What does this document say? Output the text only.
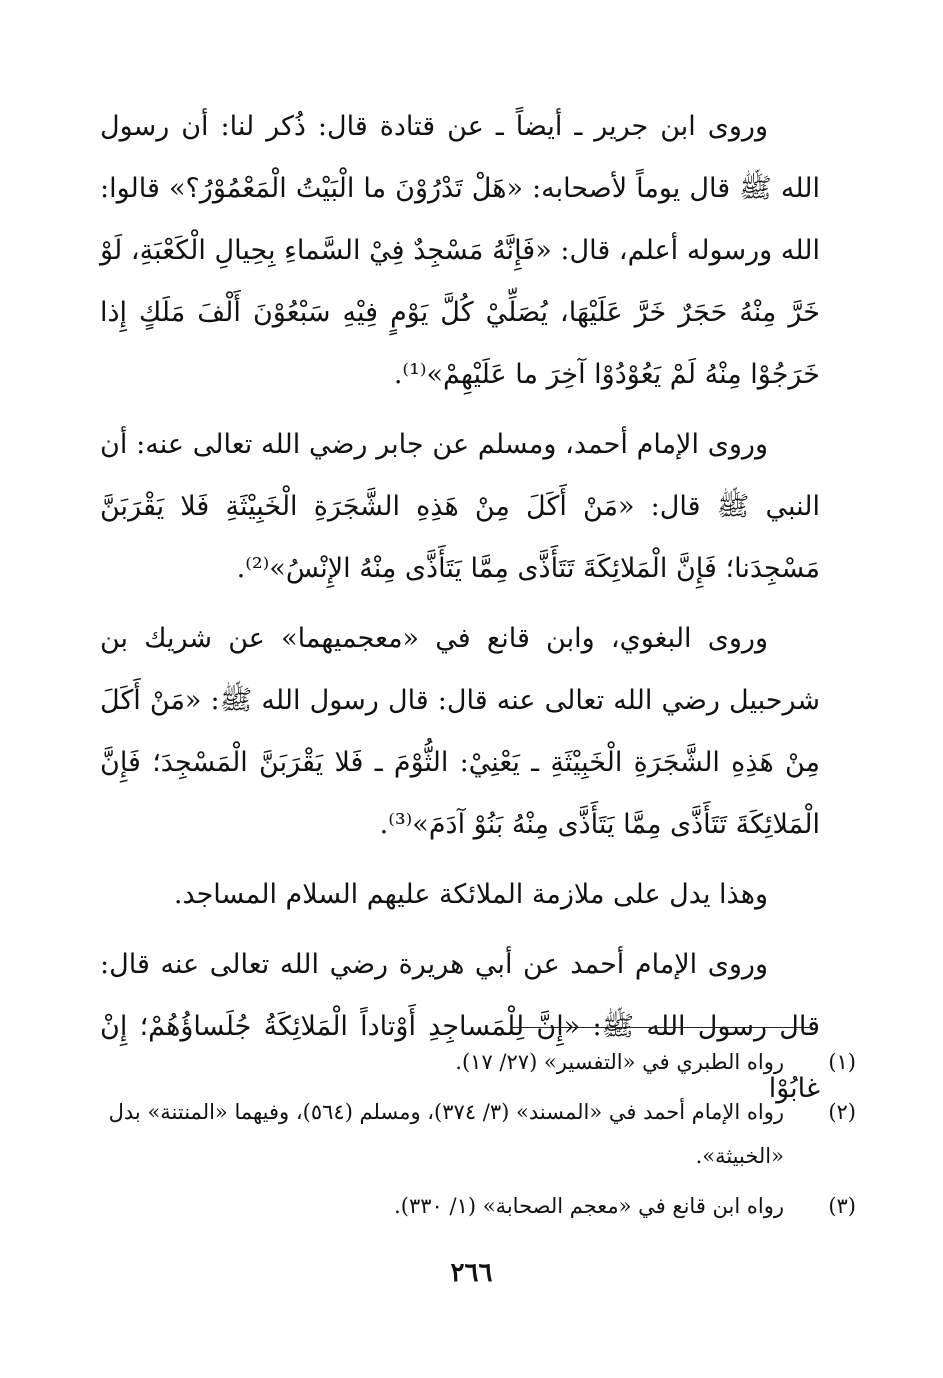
وروى ابن جرير ـ أيضاً ـ عن قتادة قال: ذُكر لنا: أن رسول الله ﷺ قال يوماً لأصحابه: «هَلْ تَدْرُوْنَ ما الْبَيْتُ الْمَعْمُوْرُ؟» قالوا: الله ورسوله أعلم، قال: «فَإِنَّهُ مَسْجِدٌ فِيْ السَّماءِ بِحِيالِ الْكَعْبَةِ، لَوْ خَرَّ مِنْهُ حَجَرٌ خَرَّ عَلَيْهَا، يُصَلِّيْ كُلَّ يَوْمٍ فِيْهِ سَبْعُوْنَ أَلْفَ مَلَكٍ إِذا خَرَجُوْا مِنْهُ لَمْ يَعُوْدُوْا آخِرَ ما عَلَيْهِمْ»⁽¹⁾.

وروى الإمام أحمد، ومسلم عن جابر رضي الله تعالى عنه: أن النبي ﷺ قال: «مَنْ أَكَلَ مِنْ هَذِهِ الشَّجَرَةِ الْخَبِيْثَةِ فَلا يَقْرَبَنَّ مَسْجِدَنا؛ فَإِنَّ الْمَلائِكَةَ تَتَأَذَّى مِمَّا يَتَأَذَّى مِنْهُ الإِنْسُ»⁽²⁾.

وروى البغوي، وابن قانع في «معجميهما» عن شريك بن شرحبيل رضي الله تعالى عنه قال: قال رسول الله ﷺ: «مَنْ أَكَلَ مِنْ هَذِهِ الشَّجَرَةِ الْخَبِيْثَةِ ـ يَعْنِيْ: الثُّوْمَ ـ فَلا يَقْرَبَنَّ الْمَسْجِدَ؛ فَإِنَّ الْمَلائِكَةَ تَتَأَذَّى مِمَّا يَتَأَذَّى مِنْهُ بَنُوْ آدَمَ»⁽³⁾.

وهذا يدل على ملازمة الملائكة عليهم السلام المساجد.

وروى الإمام أحمد عن أبي هريرة رضي الله تعالى عنه قال: قال رسول الله ﷺ: «إِنَّ لِلْمَساجِدِ أَوْتاداً الْمَلائِكَةُ جُلَساؤُهُمْ؛ إِنْ غابُوْا

(١)رواه الطبري في «التفسير» (٢٧/ ١٧).

(٢)رواه الإمام أحمد في «المسند» (٣/ ٣٧٤)، ومسلم (٥٦٤)، وفيهما «المنتنة» بدل «الخبيثة».

(٣)رواه ابن قانع في «معجم الصحابة» (١/ ٣٣٠).

٢٦٦
